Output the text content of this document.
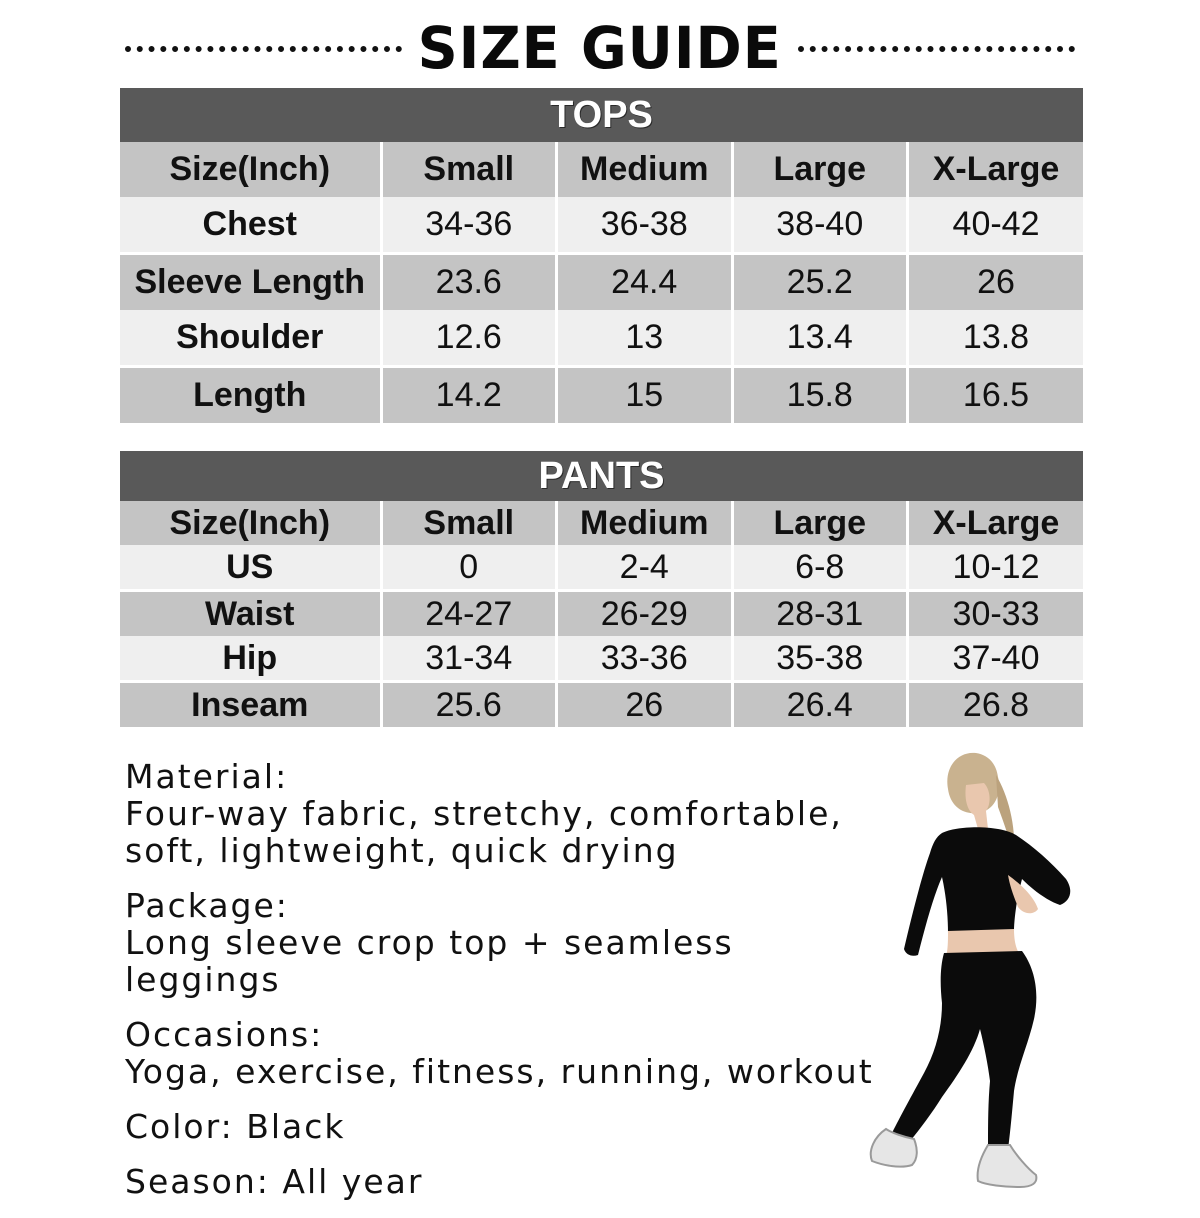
SIZE GUIDE
TOPS				
Size(Inch)	Small	Medium	Large	X-Large
Chest	34-36	36-38	38-40	40-42
Sleeve Length	23.6	24.4	25.2	26
Shoulder	12.6	13	13.4	13.8
Length	14.2	15	15.8	16.5
PANTS				
Size(Inch)	Small	Medium	Large	X-Large
US	0	2-4	6-8	10-12
Waist	24-27	26-29	28-31	30-33
Hip	31-34	33-36	35-38	37-40
Inseam	25.6	26	26.4	26.8
Material:
Four-way fabric, stretchy, comfortable,
soft, lightweight, quick drying
Package:
Long sleeve crop top + seamless leggings
Occasions:
Yoga, exercise, fitness, running, workout
Color: Black
Season: All year
